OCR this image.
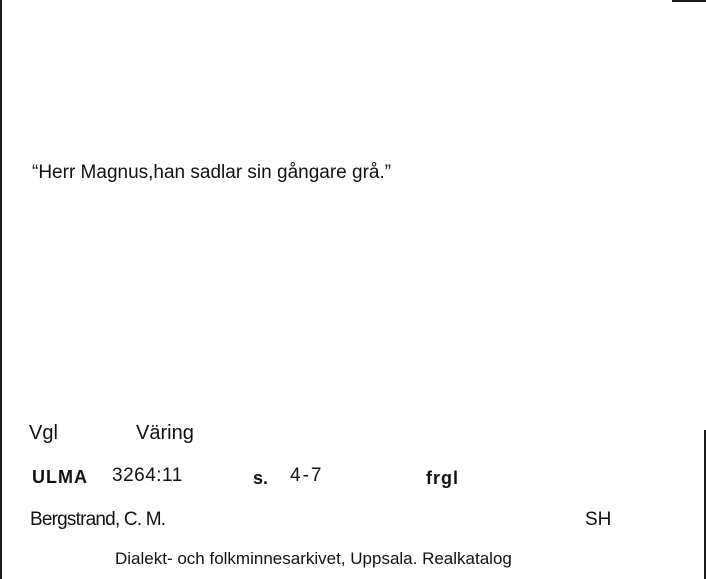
“Herr Magnus,han sadlar sin gångare grå.”
Vgl	Väring
ULMA 3264:11	s. 4-7	frgl
Bergstrand, C. M.	SH
Dialekt- och folkminnesarkivet, Uppsala. Realkatalog
